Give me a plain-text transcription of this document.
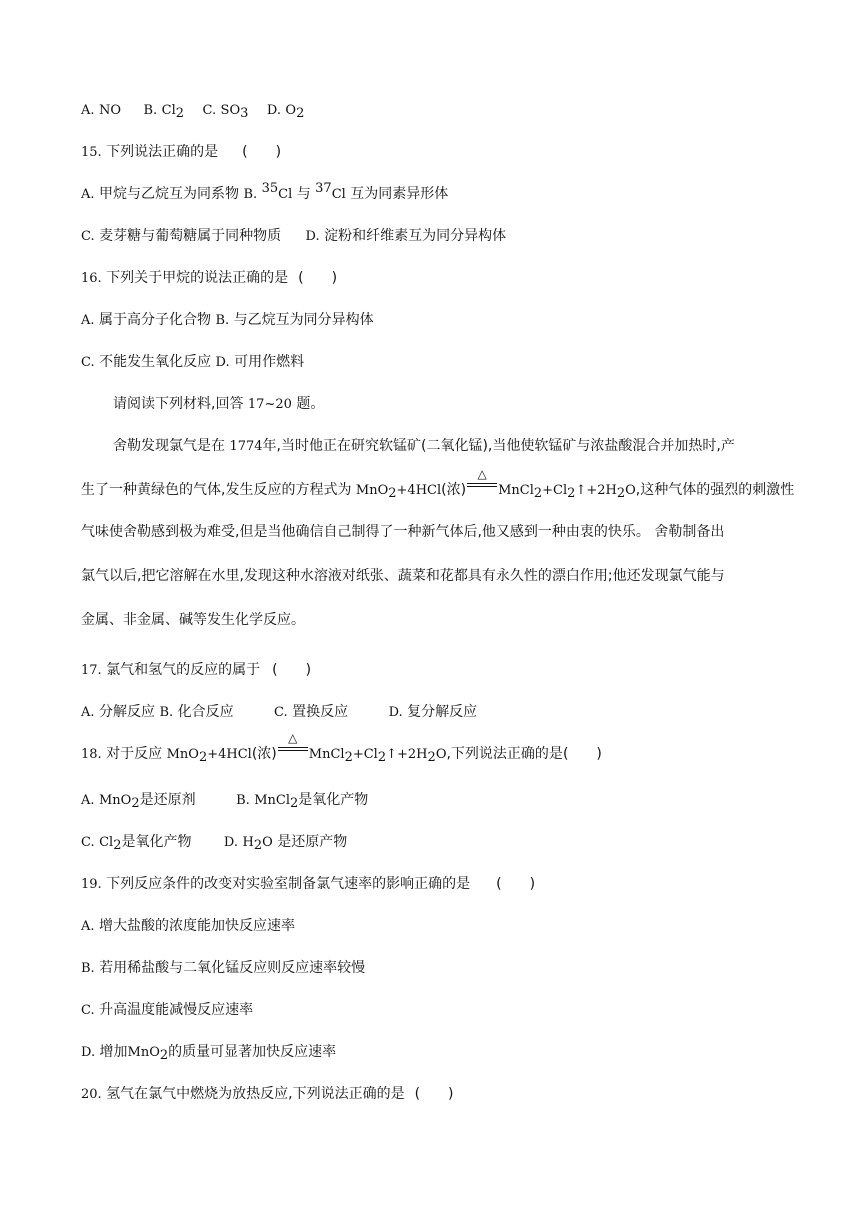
A. NO B. $Cl_2$ C. $SO_3$ D. $O_2$
15. 下列说法正确的是 (　　)
A. 甲烷与乙烷互为同系物 B. $^{35}$Cl 与 $^{37}$Cl 互为同素异形体
C. 麦芽糖与葡萄糖属于同种物质 D. 淀粉和纤维素互为同分异构体
16. 下列关于甲烷的说法正确的是 (　　)
A. 属于高分子化合物 B. 与乙烷互为同分异构体
C. 不能发生氧化反应 D. 可用作燃料
请阅读下列材料,回答 17~20 题。
舍勒发现氯气是在 1774年,当时他正在研究软锰矿(二氧化锰),当他使软锰矿与浓盐酸混合并加热时,产
生了一种黄绿色的气体,发生反应的方程式为 MnO$_2$+4HCl(浓)
△
$MnCl_2+Cl_2↑+2H_2O$,这种气体的强烈的刺激性
气味使舍勒感到极为难受,但是当他确信自己制得了一种新气体后,他又感到一种由衷的快乐。 舍勒制备出
氯气以后,把它溶解在水里,发现这种水溶液对纸张、蔬菜和花都具有永久性的漂白作用;他还发现氯气能与
金属、非金属、碱等发生化学反应。
17. 氯气和氢气的反应的属于 (　　)
A. 分解反应 B. 化合反应	C. 置换反应	D. 复分解反应
18. 对于反应 MnO$_2$+4HCl(浓)
△
$MnCl_2+Cl_2↑+2H_2O$,下列说法正确的是(　　)
A. MnO$_2$是还原剂	B. MnCl$_2$是氧化产物
C. $Cl_2$是氧化产物 D. $H_2O$ 是还原产物
19. 下列反应条件的改变对实验室制备氯气速率的影响正确的是 (　　)
A. 增大盐酸的浓度能加快反应速率
B. 若用稀盐酸与二氧化锰反应则反应速率较慢
C. 升高温度能减慢反应速率
D. 增加MnO$_2$的质量可显著加快反应速率
20. 氢气在氯气中燃烧为放热反应,下列说法正确的是 (　　)
